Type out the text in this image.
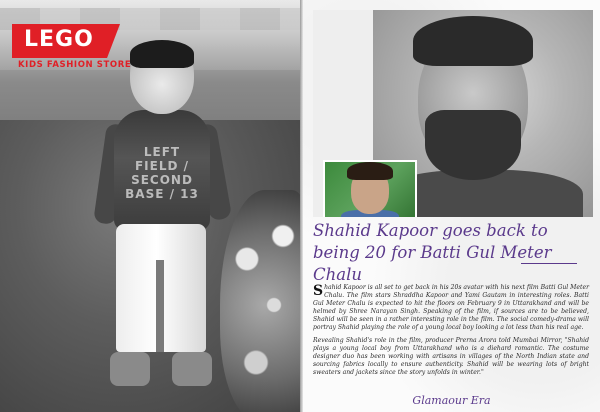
LEFT FIELD / SECOND BASE / 13
LEGO
KIDS FASHION STORE
Shahid Kapoor goes back to being 20 for Batti Gul Meter Chalu

Shahid Kapoor is all set to get back in his 20s avatar with his next film Batti Gul Meter Chalu. The film stars Shraddha Kapoor and Yami Gautam in interesting roles. Batti Gul Meter Chalu is expected to hit the floors on February 9 in Uttarakhand and will be helmed by Shree Narayan Singh. Speaking of the film, if sources are to be believed, Shahid will be seen in a rather interesting role in the film. The social comedy-drama will portray Shahid playing the role of a young local boy looking a lot less than his real age.

Revealing Shahid's role in the film, producer Prerna Arora told Mumbai Mirror, "Shahid plays a young local boy from Uttarakhand who is a diehard romantic. The costume designer duo has been working with artisans in villages of the North Indian state and sourcing fabrics locally to ensure authenticity. Shahid will be wearing lots of bright sweaters and jackets since the story unfolds in winter."

Glamaour Era
